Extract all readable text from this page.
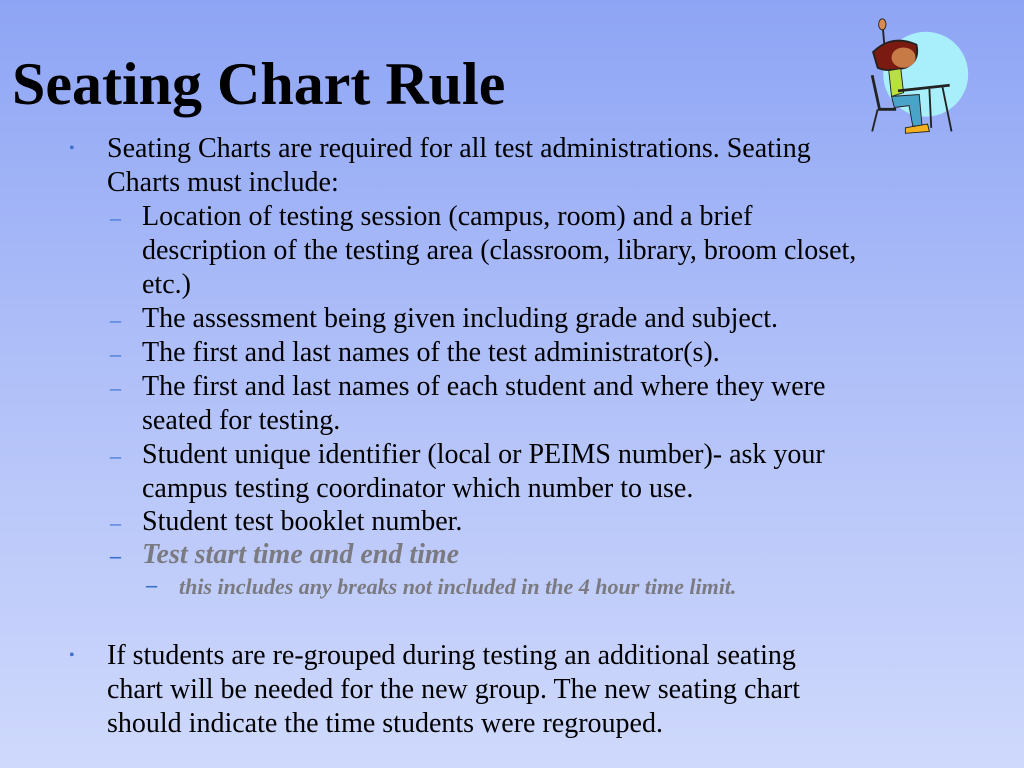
Seating Chart Rule
• Seating Charts are required for all test administrations. Seating
Charts must include:
– Location of testing session (campus, room) and a brief
description of the testing area (classroom, library, broom closet,
etc.)
– The assessment being given including grade and subject.
– The first and last names of the test administrator(s).
– The first and last names of each student and where they were
seated for testing.
– Student unique identifier (local or PEIMS number)- ask your
campus testing coordinator which number to use.
– Student test booklet number.
– Test start time and end time
– this includes any breaks not included in the 4 hour time limit.
• If students are re-grouped during testing an additional seating
chart will be needed for the new group. The new seating chart
should indicate the time students were regrouped.
